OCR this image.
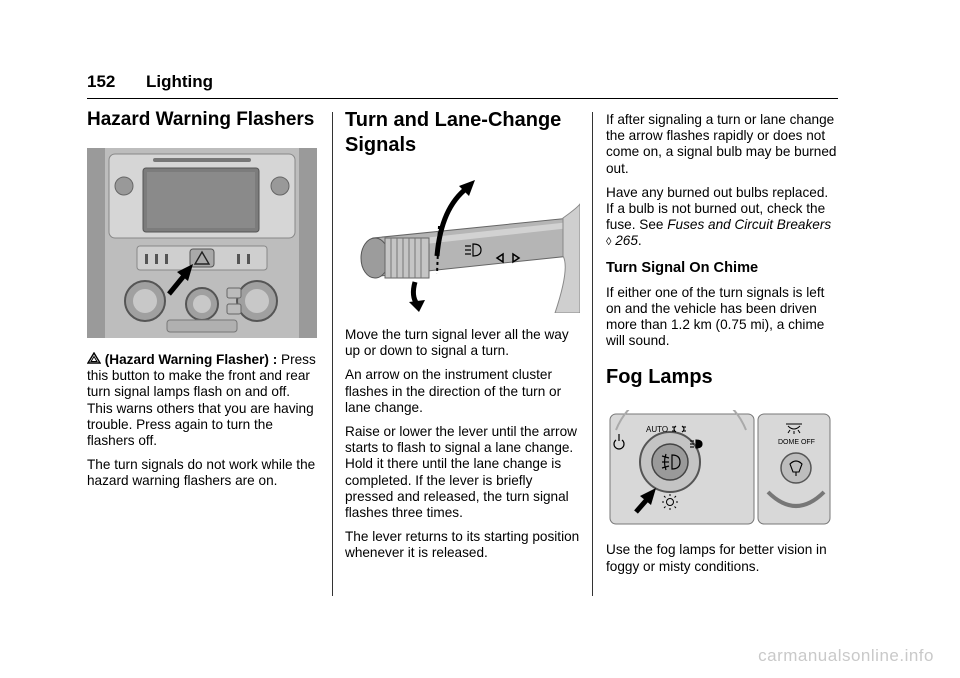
152 Lighting
Hazard Warning Flashers

(Hazard Warning Flasher) : Press this button to make the front and rear turn signal lamps flash on and off. This warns others that you are having trouble. Press again to turn the flashers off.

The turn signals do not work while the hazard warning flashers are on.

Turn and Lane-Change Signals

Move the turn signal lever all the way up or down to signal a turn.

An arrow on the instrument cluster flashes in the direction of the turn or lane change.

Raise or lower the lever until the arrow starts to flash to signal a lane change. Hold it there until the lane change is completed. If the lever is briefly pressed and released, the turn signal flashes three times.

The lever returns to its starting position whenever it is released.

If after signaling a turn or lane change the arrow flashes rapidly or does not come on, a signal bulb may be burned out.

Have any burned out bulbs replaced. If a bulb is not burned out, check the fuse. See Fuses and Circuit Breakers ◊ 265.

Turn Signal On Chime

If either one of the turn signals is left on and the vehicle has been driven more than 1.2 km (0.75 mi), a chime will sound.

Fog Lamps
AUTO
DOME OFF

Use the fog lamps for better vision in foggy or misty conditions.

carmanualsonline.info
